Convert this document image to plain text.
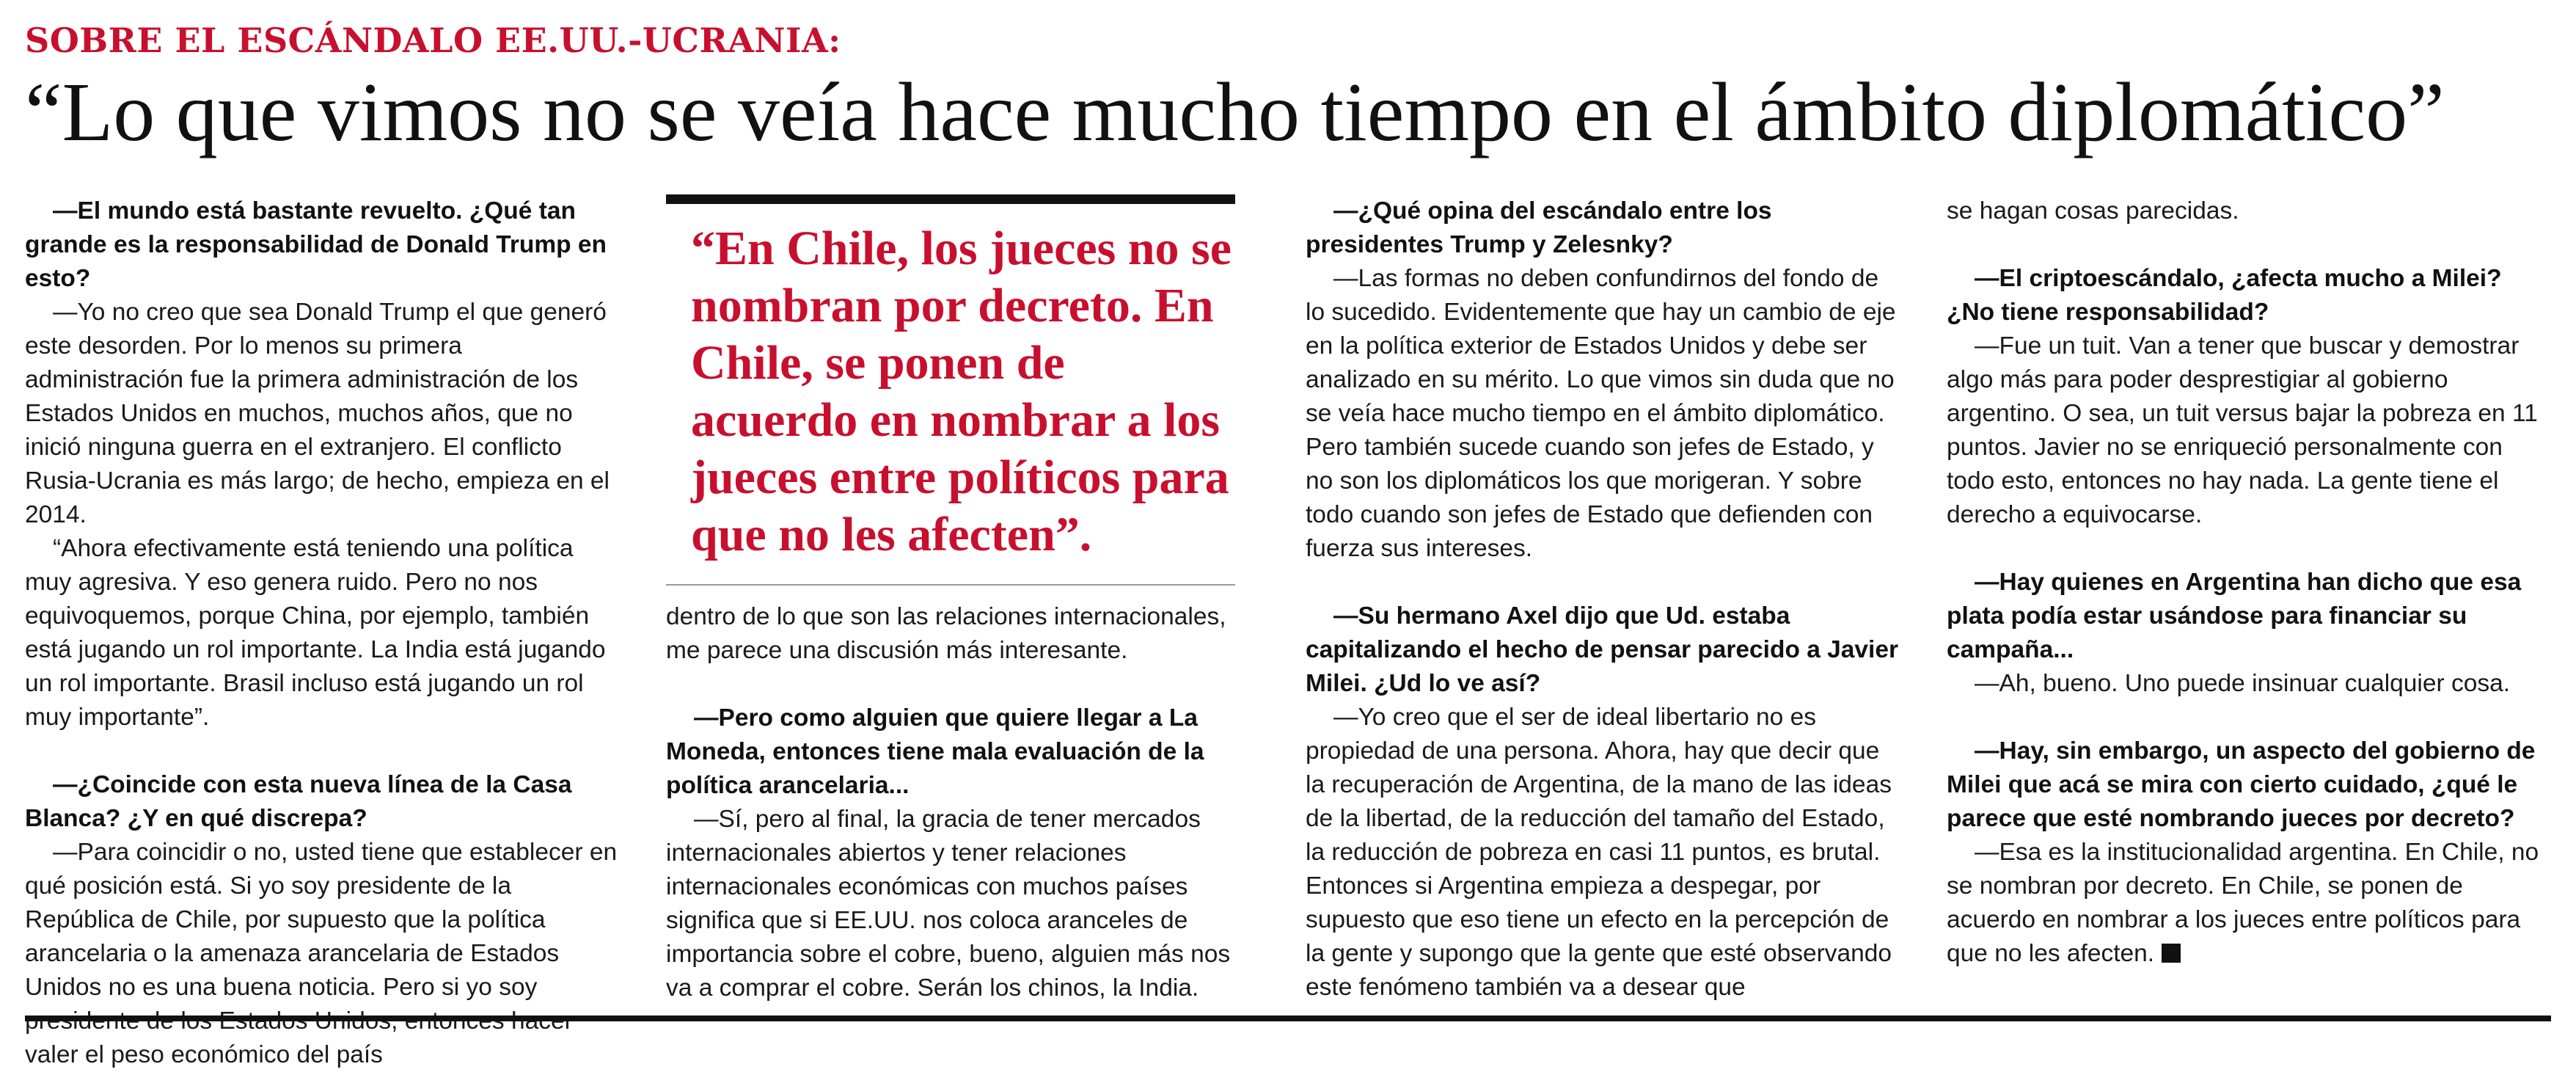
SOBRE EL ESCÁNDALO EE.UU.-UCRANIA:
“Lo que vimos no se veía hace mucho tiempo en el ámbito diplomático”

—El mundo está bastante revuelto. ¿Qué tan grande es la responsabilidad de Donald Trump en esto?

—Yo no creo que sea Donald Trump el que generó este desorden. Por lo menos su primera administración fue la primera administración de los Estados Unidos en muchos, muchos años, que no inició ninguna guerra en el extranjero. El conflicto Rusia-Ucrania es más largo; de hecho, empieza en el 2014.

“Ahora efectivamente está teniendo una política muy agresiva. Y eso genera ruido. Pero no nos equivoquemos, porque China, por ejemplo, también está jugando un rol importante. La India está jugando un rol importante. Brasil incluso está jugando un rol muy importante”.

—¿Coincide con esta nueva línea de la Casa Blanca? ¿Y en qué discrepa?

—Para coincidir o no, usted tiene que establecer en qué posición está. Si yo soy presidente de la República de Chile, por supuesto que la política arancelaria o la amenaza arancelaria de Estados Unidos no es una buena noticia. Pero si yo soy valer el peso económico del país

“En Chile, los jueces no se nombran por decreto. En Chile, se ponen de acuerdo en nombrar a los jueces entre políticos para que no les afecten”.

dentro de lo que son las relaciones internacionales, me parece una discusión más interesante.

—Pero como alguien que quiere llegar a La Moneda, entonces tiene mala evaluación de la política arancelaria...

—Sí, pero al final, la gracia de tener mercados internacionales abiertos y tener relaciones internacionales económicas con muchos países significa que si EE.UU. nos coloca aranceles de importancia sobre el cobre, bueno, alguien más nos va a comprar el cobre. Serán los chinos, la India.

—¿Qué opina del escándalo entre los presidentes Trump y Zelesnky?

—Las formas no deben confundirnos del fondo de lo sucedido. Evidentemente que hay un cambio de eje en la política exterior de Estados Unidos y debe ser analizado en su mérito. Lo que vimos sin duda que no se veía hace mucho tiempo en el ámbito diplomático. Pero también sucede cuando son jefes de Estado, y no son los diplomáticos los que morigeran. Y sobre todo cuando son jefes de Estado que defienden con fuerza sus intereses.

—Su hermano Axel dijo que Ud. estaba capitalizando el hecho de pensar parecido a Javier Milei. ¿Ud lo ve así?

—Yo creo que el ser de ideal libertario no es propiedad de una persona. Ahora, hay que decir que la recuperación de Argentina, de la mano de las ideas de la libertad, de la reducción del tamaño del Estado, la reducción de pobreza en casi 11 puntos, es brutal. Entonces si Argentina empieza a despegar, por supuesto que eso tiene un efecto en la percepción de la gente y supongo que la gente que esté observando este fenómeno también va a desear que

se hagan cosas parecidas.

—El criptoescándalo, ¿afecta mucho a Milei? ¿No tiene responsabilidad?

—Fue un tuit. Van a tener que buscar y demostrar algo más para poder desprestigiar al gobierno argentino. O sea, un tuit versus bajar la pobreza en 11 puntos. Javier no se enriqueció personalmente con todo esto, entonces no hay nada. La gente tiene el derecho a equivocarse.

—Hay quienes en Argentina han dicho que esa plata podía estar usándose para financiar su campaña...

—Ah, bueno. Uno puede insinuar cualquier cosa.

—Hay, sin embargo, un aspecto del gobierno de Milei que acá se mira con cierto cuidado, ¿qué le parece que esté nombrando jueces por decreto?

—Esa es la institucionalidad argentina. En Chile, no se nombran por decreto. En Chile, se ponen de acuerdo en nombrar a los jueces entre políticos para que no les afecten.
